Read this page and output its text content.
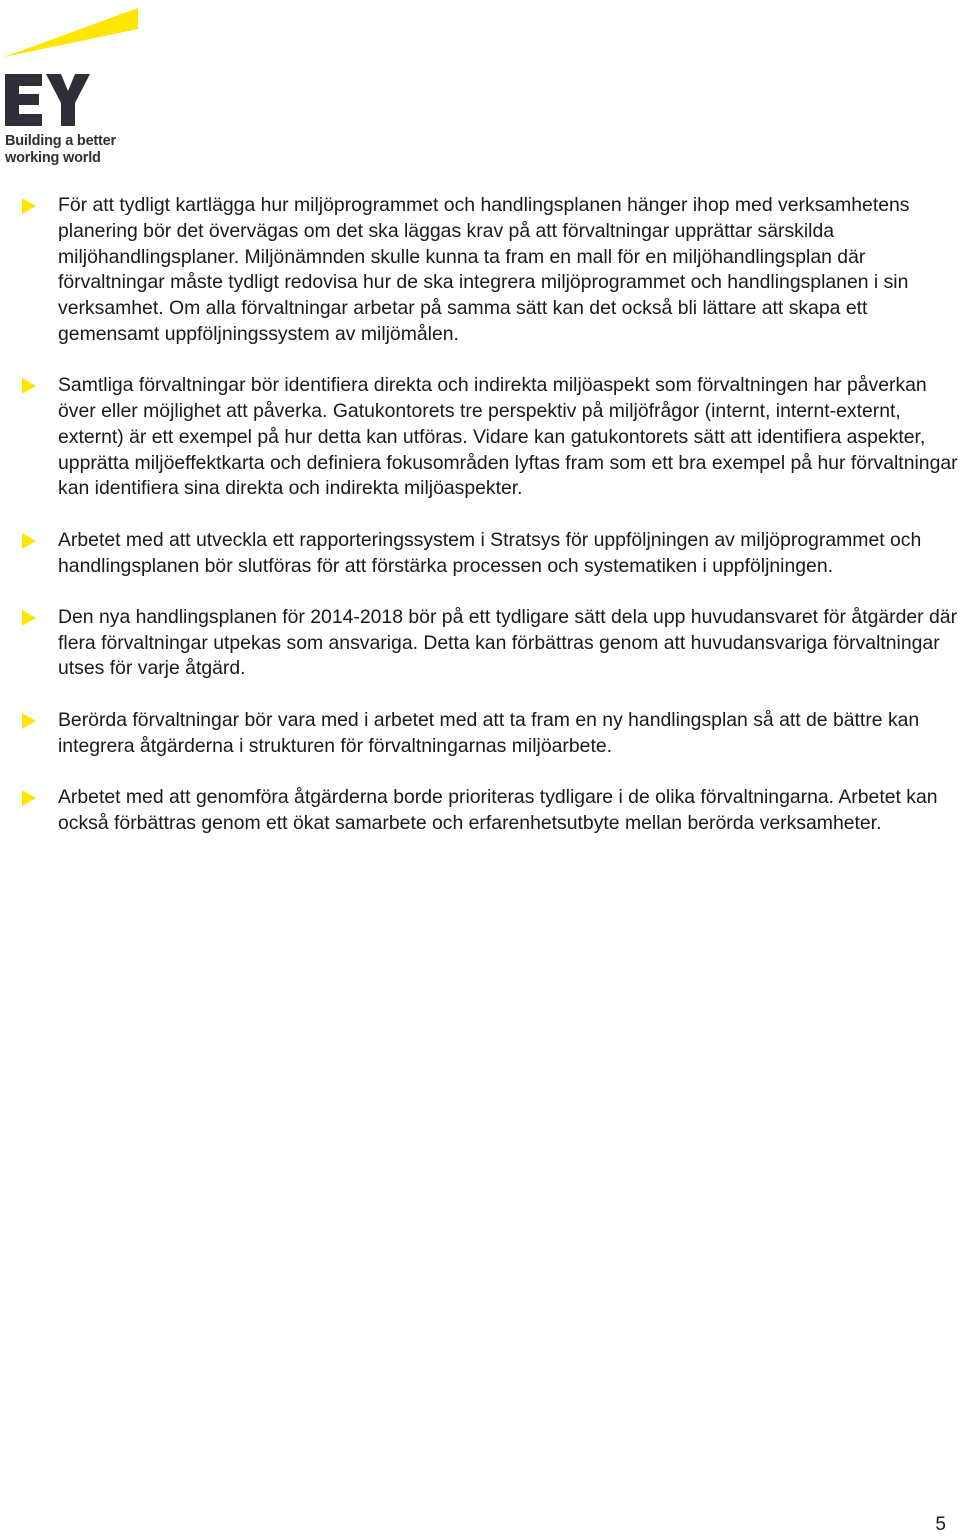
Building a better
working world
För att tydligt kartlägga hur miljöprogrammet och handlingsplanen hänger ihop med verksamhetens planering bör det övervägas om det ska läggas krav på att förvaltningar upprättar särskilda miljöhandlingsplaner. Miljönämnden skulle kunna ta fram en mall för en miljöhandlingsplan där förvaltningar måste tydligt redovisa hur de ska integrera miljöprogrammet och handlingsplanen i sin verksamhet. Om alla förvaltningar arbetar på samma sätt kan det också bli lättare att skapa ett gemensamt uppföljningssystem av miljömålen.
Samtliga förvaltningar bör identifiera direkta och indirekta miljöaspekt som förvaltningen har påverkan över eller möjlighet att påverka. Gatukontorets tre perspektiv på miljöfrågor (internt, internt-externt, externt) är ett exempel på hur detta kan utföras. Vidare kan gatukontorets sätt att identifiera aspekter, upprätta miljöeffektkarta och definiera fokusområden lyftas fram som ett bra exempel på hur förvaltningar kan identifiera sina direkta och indirekta miljöaspekter.
Arbetet med att utveckla ett rapporteringssystem i Stratsys för uppföljningen av miljöprogrammet och handlingsplanen bör slutföras för att förstärka processen och systematiken i uppföljningen.
Den nya handlingsplanen för 2014-2018 bör på ett tydligare sätt dela upp huvudansvaret för åtgärder där flera förvaltningar utpekas som ansvariga. Detta kan förbättras genom att huvudansvariga förvaltningar utses för varje åtgärd.
Berörda förvaltningar bör vara med i arbetet med att ta fram en ny handlingsplan så att de bättre kan integrera åtgärderna i strukturen för förvaltningarnas miljöarbete.
Arbetet med att genomföra åtgärderna borde prioriteras tydligare i de olika förvaltningarna. Arbetet kan också förbättras genom ett ökat samarbete och erfarenhetsutbyte mellan berörda verksamheter.
5
